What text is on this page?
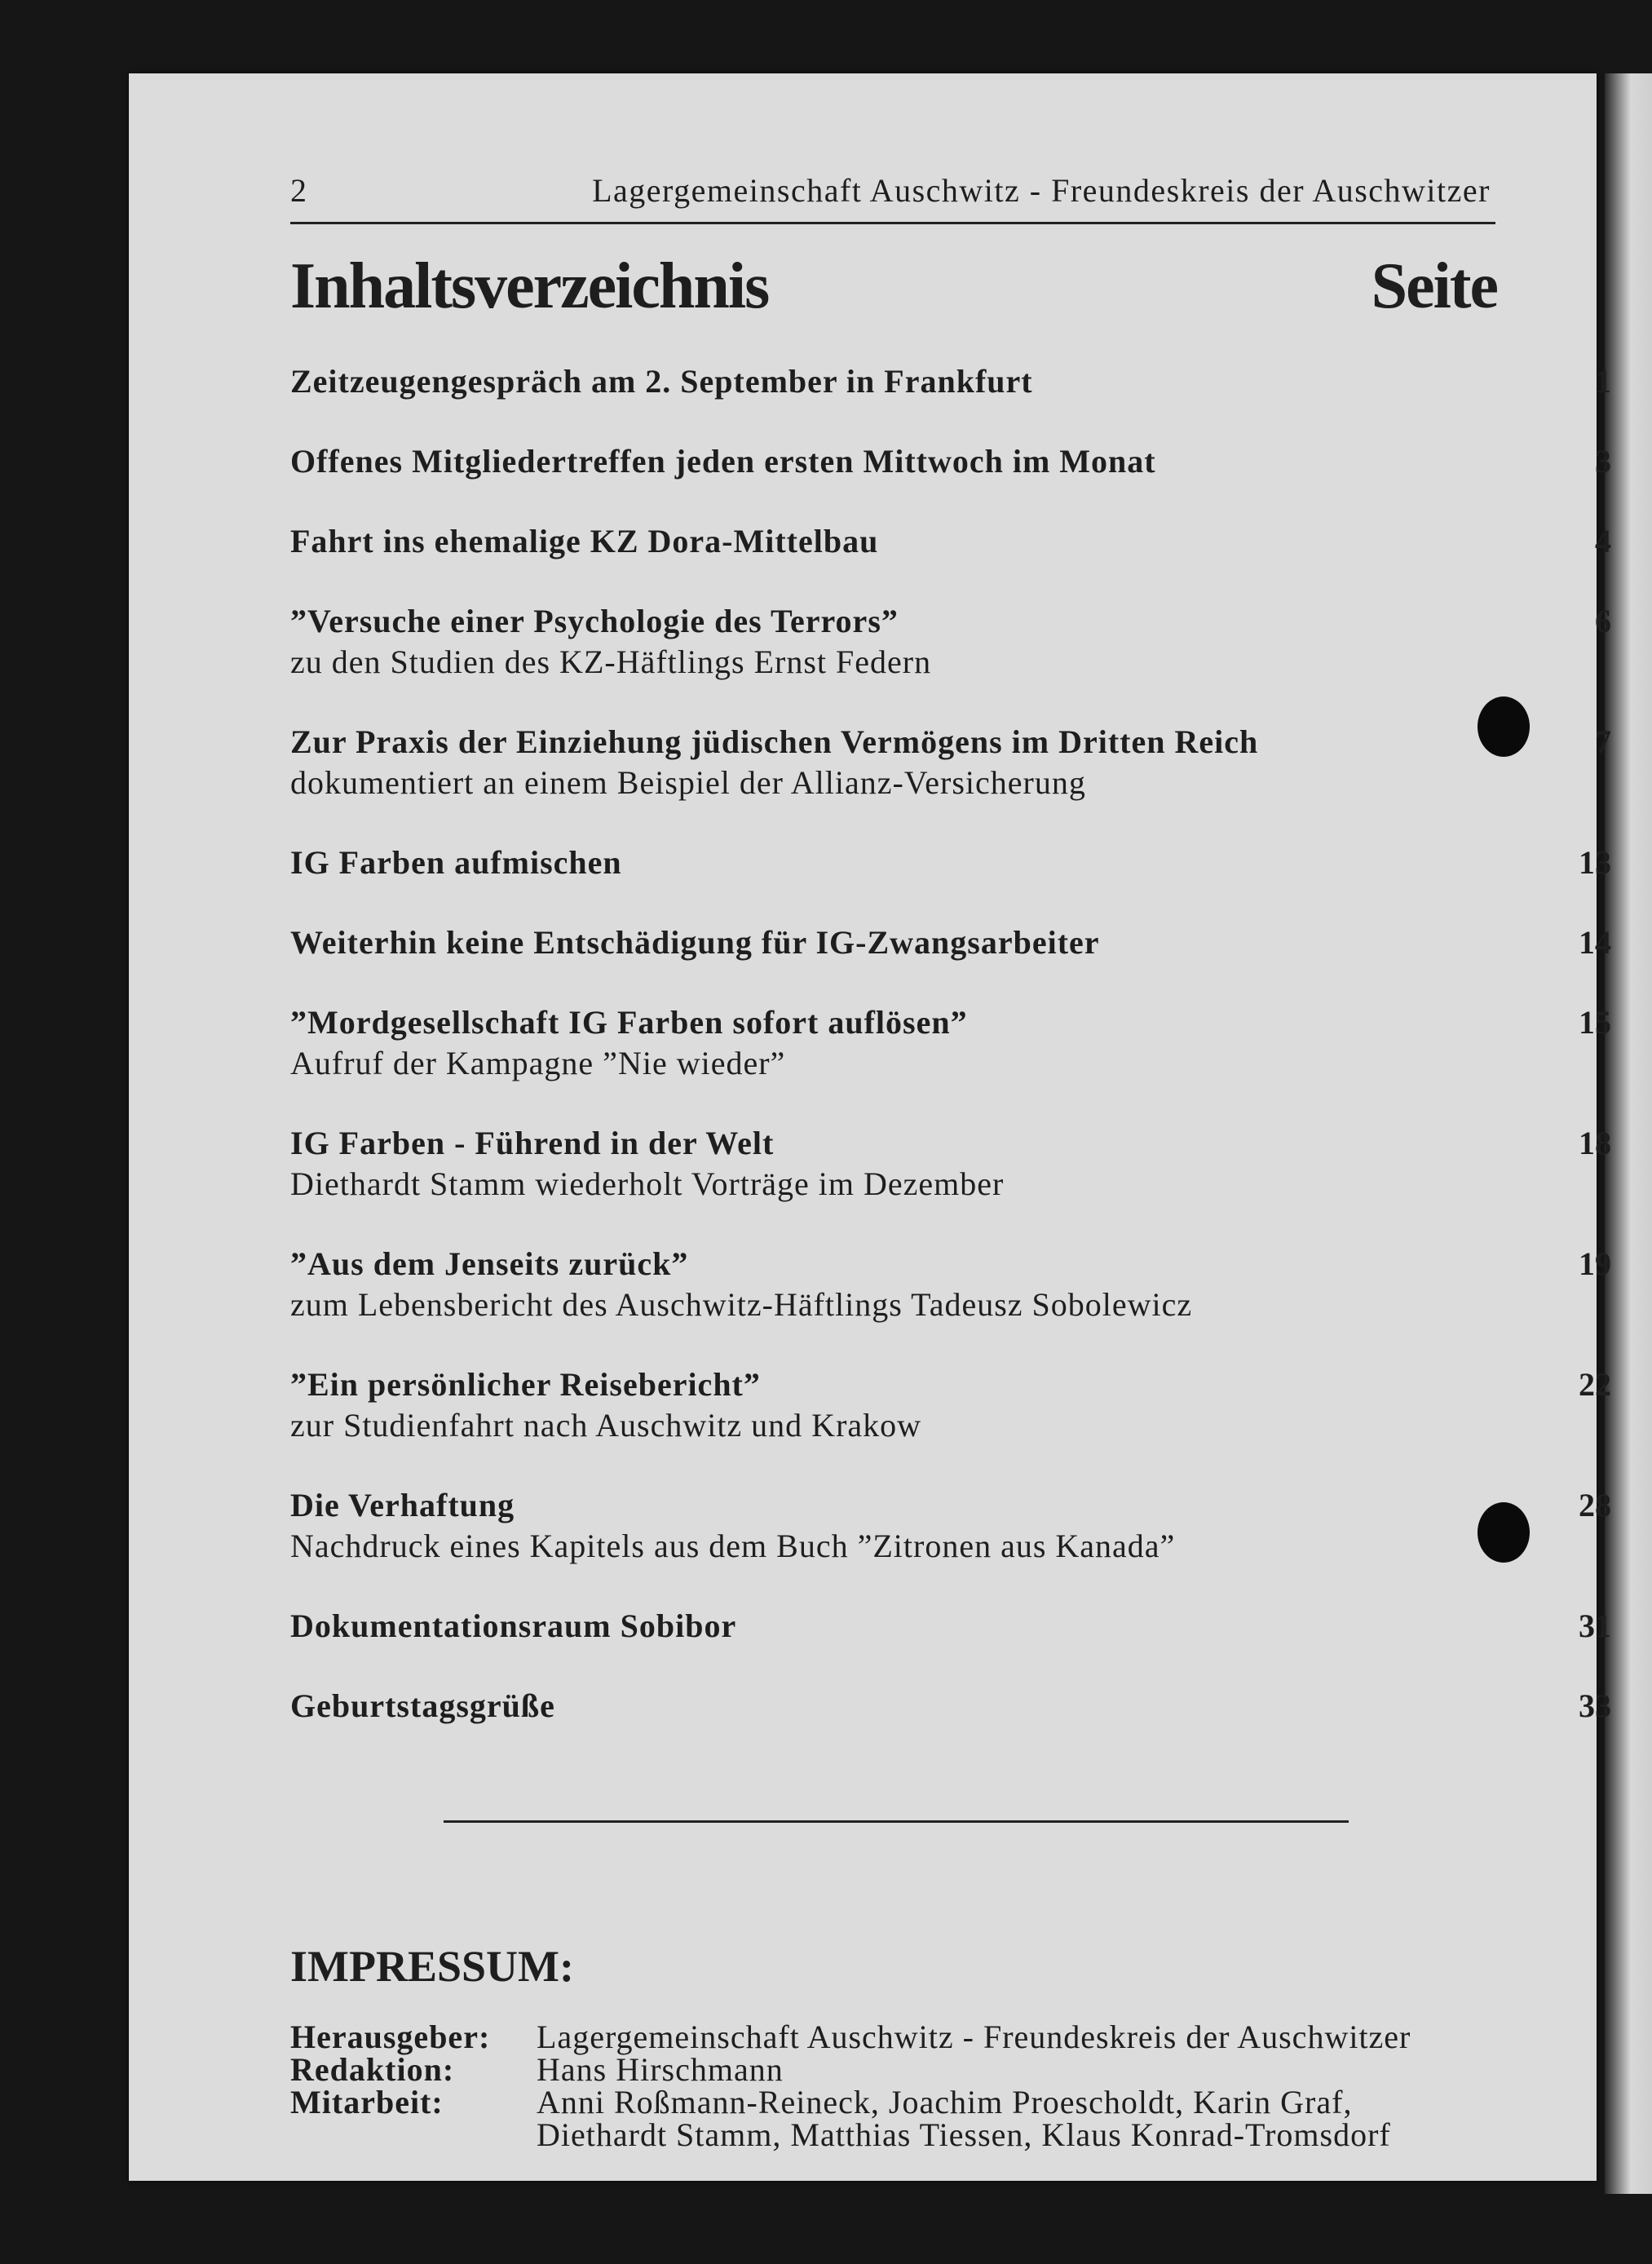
2	Lagergemeinschaft Auschwitz - Freundeskreis der Auschwitzer
Inhaltsverzeichnis	Seite
Zeitzeugengespräch am 2. September in Frankfurt	1
Offenes Mitgliedertreffen jeden ersten Mittwoch im Monat	3
Fahrt ins ehemalige KZ Dora-Mittelbau	4
”Versuche einer Psychologie des Terrors”	6
zu den Studien des KZ-Häftlings Ernst Federn
Zur Praxis der Einziehung jüdischen Vermögens im Dritten Reich	7
dokumentiert an einem Beispiel der Allianz-Versicherung
IG Farben aufmischen	13
Weiterhin keine Entschädigung für IG-Zwangsarbeiter	14
”Mordgesellschaft IG Farben sofort auflösen”	15
Aufruf der Kampagne ”Nie wieder”
IG Farben - Führend in der Welt	18
Diethardt Stamm wiederholt Vorträge im Dezember
”Aus dem Jenseits zurück”	19
zum Lebensbericht des Auschwitz-Häftlings Tadeusz Sobolewicz
”Ein persönlicher Reisebericht”	22
zur Studienfahrt nach Auschwitz und Krakow
Die Verhaftung	28
Nachdruck eines Kapitels aus dem Buch ”Zitronen aus Kanada”
Dokumentationsraum Sobibor	31
Geburtstagsgrüße	33
IMPRESSUM:
Herausgeber: Lagergemeinschaft Auschwitz - Freundeskreis der Auschwitzer
Redaktion:	Hans Hirschmann
Mitarbeit:	Anni Roßmann-Reineck, Joachim Proescholdt, Karin Graf,
Diethardt Stamm, Matthias Tiessen, Klaus Konrad-Tromsdorf
